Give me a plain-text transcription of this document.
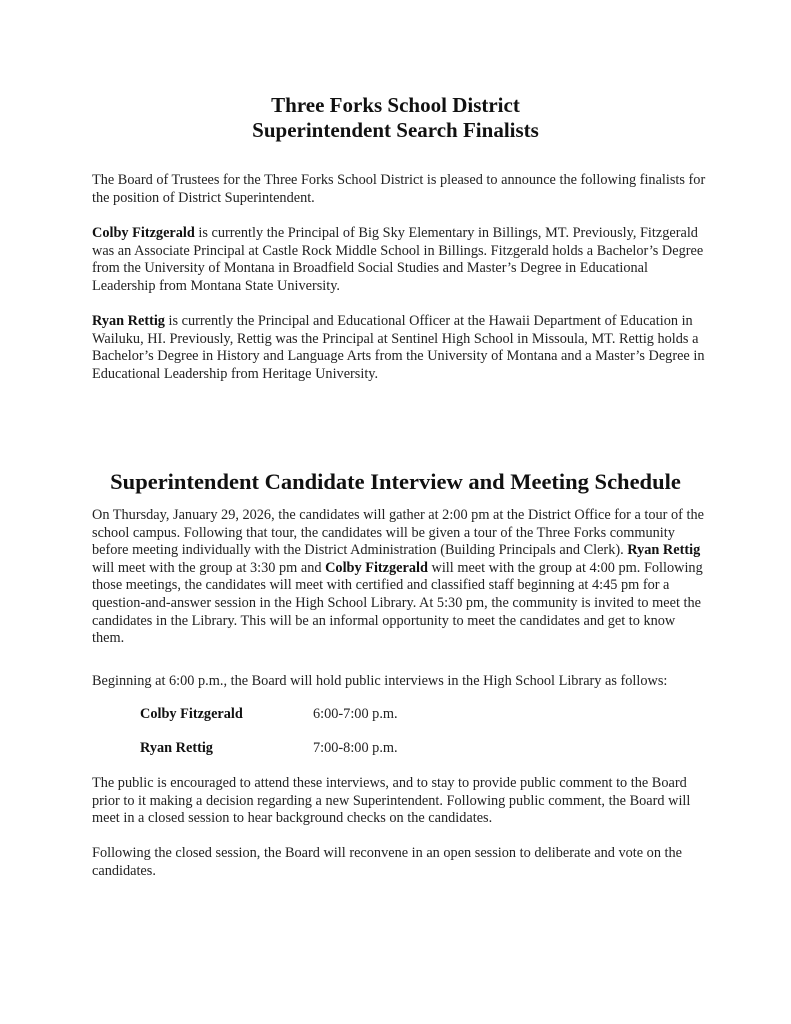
Three Forks School District
Superintendent Search Finalists
The Board of Trustees for the Three Forks School District is pleased to announce the following finalists for the position of District Superintendent.
Colby Fitzgerald is currently the Principal of Big Sky Elementary in Billings, MT. Previously, Fitzgerald was an Associate Principal at Castle Rock Middle School in Billings. Fitzgerald holds a Bachelor’s Degree from the University of Montana in Broadfield Social Studies and Master’s Degree in Educational Leadership from Montana State University.
Ryan Rettig is currently the Principal and Educational Officer at the Hawaii Department of Education in Wailuku, HI. Previously, Rettig was the Principal at Sentinel High School in Missoula, MT. Rettig holds a Bachelor’s Degree in History and Language Arts from the University of Montana and a Master’s Degree in Educational Leadership from Heritage University.
Superintendent Candidate Interview and Meeting Schedule
On Thursday, January 29, 2026, the candidates will gather at 2:00 pm at the District Office for a tour of the school campus. Following that tour, the candidates will be given a tour of the Three Forks community before meeting individually with the District Administration (Building Principals and Clerk). Ryan Rettig will meet with the group at 3:30 pm and Colby Fitzgerald will meet with the group at 4:00 pm. Following those meetings, the candidates will meet with certified and classified staff beginning at 4:45 pm for a question-and-answer session in the High School Library. At 5:30 pm, the community is invited to meet the candidates in the Library. This will be an informal opportunity to meet the candidates and get to know them.
Beginning at 6:00 p.m., the Board will hold public interviews in the High School Library as follows:
Colby Fitzgerald	6:00-7:00 p.m.
Ryan Rettig	7:00-8:00 p.m.
The public is encouraged to attend these interviews, and to stay to provide public comment to the Board prior to it making a decision regarding a new Superintendent. Following public comment, the Board will meet in a closed session to hear background checks on the candidates.
Following the closed session, the Board will reconvene in an open session to deliberate and vote on the candidates.
